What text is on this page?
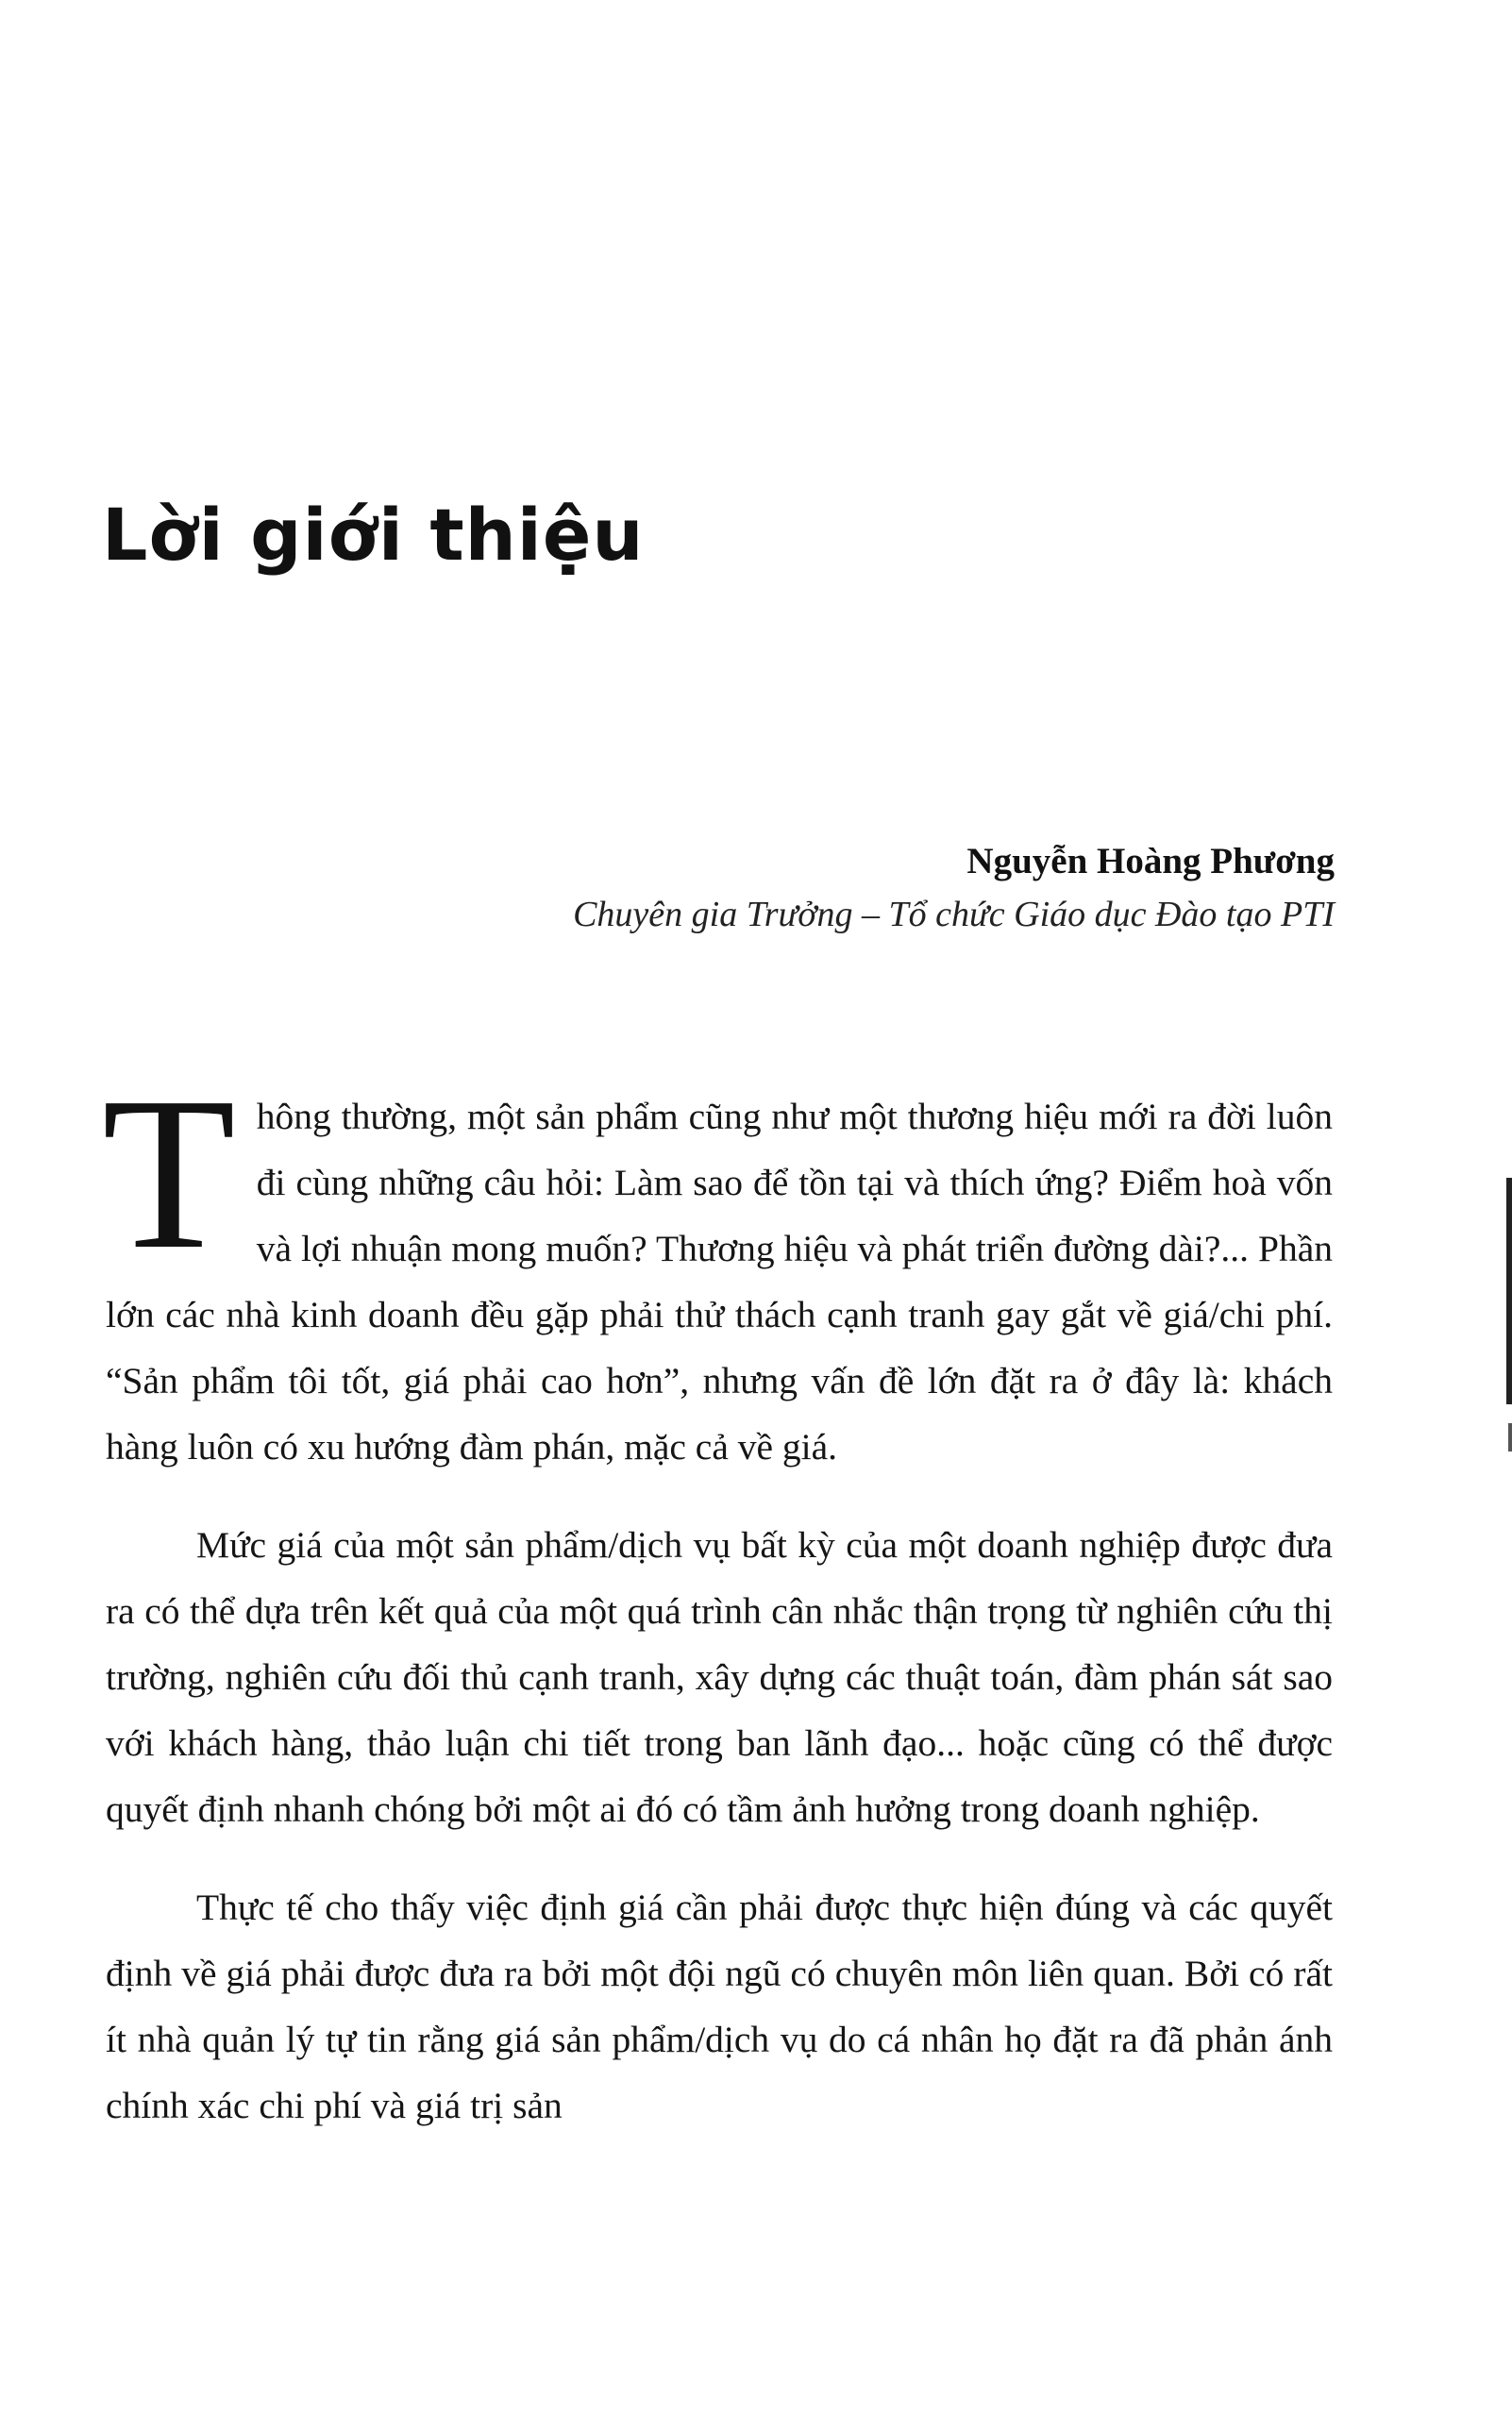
Lời giới thiệu
Nguyễn Hoàng Phương
Chuyên gia Trưởng – Tổ chức Giáo dục Đào tạo PTI

Thông thường, một sản phẩm cũng như một thương hiệu mới ra đời luôn đi cùng những câu hỏi: Làm sao để tồn tại và thích ứng? Điểm hoà vốn và lợi nhuận mong muốn? Thương hiệu và phát triển đường dài?... Phần lớn các nhà kinh doanh đều gặp phải thử thách cạnh tranh gay gắt về giá/chi phí. “Sản phẩm tôi tốt, giá phải cao hơn”, nhưng vấn đề lớn đặt ra ở đây là: khách hàng luôn có xu hướng đàm phán, mặc cả về giá.

Mức giá của một sản phẩm/dịch vụ bất kỳ của một doanh nghiệp được đưa ra có thể dựa trên kết quả của một quá trình cân nhắc thận trọng từ nghiên cứu thị trường, nghiên cứu đối thủ cạnh tranh, xây dựng các thuật toán, đàm phán sát sao với khách hàng, thảo luận chi tiết trong ban lãnh đạo... hoặc cũng có thể được quyết định nhanh chóng bởi một ai đó có tầm ảnh hưởng trong doanh nghiệp.

Thực tế cho thấy việc định giá cần phải được thực hiện đúng và các quyết định về giá phải được đưa ra bởi một đội ngũ có chuyên môn liên quan. Bởi có rất ít nhà quản lý tự tin rằng giá sản phẩm/dịch vụ do cá nhân họ đặt ra đã phản ánh chính xác chi phí và giá trị sản
